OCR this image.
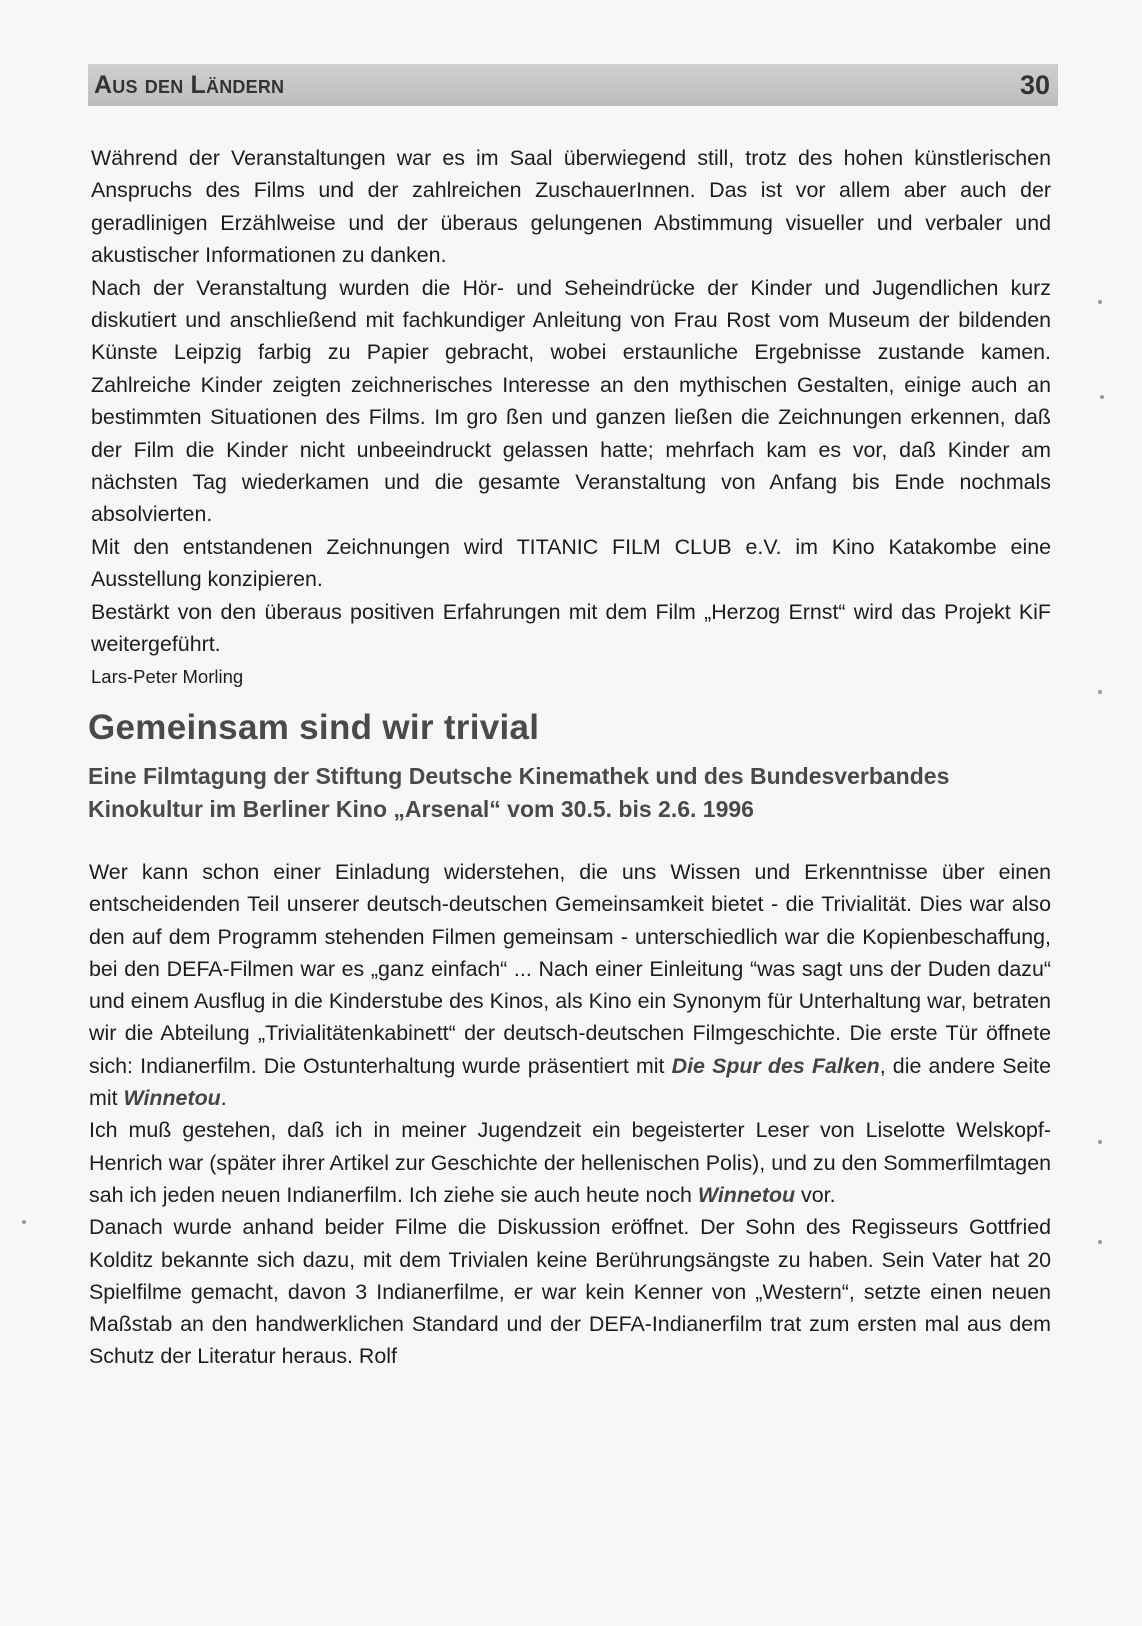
Aus den Ländern	30

Während der Veranstaltungen war es im Saal überwiegend still, trotz des hohen künstlerischen Anspruchs des Films und der zahlreichen ZuschauerInnen. Das ist vor allem aber auch der geradlinigen Erzählweise und der überaus gelungenen Abstimmung visueller und verbaler und akustischer Informationen zu danken.

Nach der Veranstaltung wurden die Hör- und Seheindrücke der Kinder und Jugendlichen kurz diskutiert und anschließend mit fachkundiger Anleitung von Frau Rost vom Museum der bildenden Künste Leipzig farbig zu Papier gebracht, wobei erstaunliche Ergebnisse zustande kamen. Zahlreiche Kinder zeigten zeichnerisches Interesse an den mythischen Gestalten, einige auch an bestimmten Situationen des Films. Im gro ßen und ganzen ließen die Zeichnungen erkennen, daß der Film die Kinder nicht unbeeindruckt gelassen hatte; mehrfach kam es vor, daß Kinder am nächsten Tag wiederkamen und die gesamte Veranstaltung von Anfang bis Ende nochmals absolvierten.

Mit den entstandenen Zeichnungen wird TITANIC FILM CLUB e.V. im Kino Katakombe eine Ausstellung konzipieren.

Bestärkt von den überaus positiven Erfahrungen mit dem Film „Herzog Ernst“ wird das Projekt KiF weitergeführt.

Lars-Peter Morling

Gemeinsam sind wir trivial
Eine Filmtagung der Stiftung Deutsche Kinemathek und des Bundesverbandes Kinokultur im Berliner Kino „Arsenal“ vom 30.5. bis 2.6. 1996

Wer kann schon einer Einladung widerstehen, die uns Wissen und Erkenntnisse über einen entscheidenden Teil unserer deutsch-deutschen Gemeinsamkeit bietet - die Trivialität. Dies war also den auf dem Programm stehenden Filmen gemeinsam - unterschiedlich war die Kopienbeschaffung, bei den DEFA-Filmen war es „ganz einfach“ ... Nach einer Einleitung “was sagt uns der Duden dazu“ und einem Ausflug in die Kinderstube des Kinos, als Kino ein Synonym für Unterhaltung war, betraten wir die Abteilung „Trivialitätenkabinett“ der deutsch-deutschen Filmgeschichte. Die erste Tür öffnete sich: Indianerfilm. Die Ostunterhaltung wurde präsentiert mit Die Spur des Falken, die andere Seite mit Winnetou.

Ich muß gestehen, daß ich in meiner Jugendzeit ein begeisterter Leser von Liselotte Welskopf-Henrich war (später ihrer Artikel zur Geschichte der hellenischen Polis), und zu den Sommerfilmtagen sah ich jeden neuen Indianerfilm. Ich ziehe sie auch heute noch Winnetou vor.

Danach wurde anhand beider Filme die Diskussion eröffnet. Der Sohn des Regisseurs Gottfried Kolditz bekannte sich dazu, mit dem Trivialen keine Berührungsängste zu haben. Sein Vater hat 20 Spielfilme gemacht, davon 3 Indianerfilme, er war kein Kenner von „Western“, setzte einen neuen Maßstab an den handwerklichen Standard und der DEFA-Indianerfilm trat zum ersten mal aus dem Schutz der Literatur heraus. Rolf
